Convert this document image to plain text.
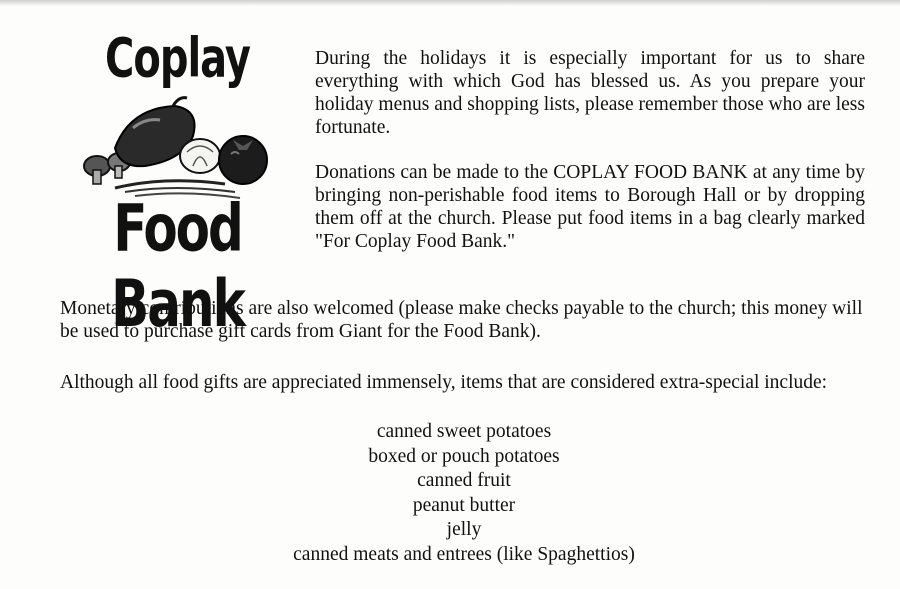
Coplay
Food Bank

During the holidays it is especially important for us to share everything with which God has blessed us. As you prepare your holiday menus and shopping lists, please remember those who are less fortunate.

Donations can be made to the COPLAY FOOD BANK at any time by bringing non-perishable food items to Borough Hall or by dropping them off at the church. Please put food items in a bag clearly marked "For Coplay Food Bank."

Monetary contributions are also welcomed (please make checks payable to the church; this money will be used to purchase gift cards from Giant for the Food Bank).

Although all food gifts are appreciated immensely, items that are considered extra-special include:

canned sweet potatoes
boxed or pouch potatoes
canned fruit
peanut butter
jelly
canned meats and entrees (like Spaghettios)
